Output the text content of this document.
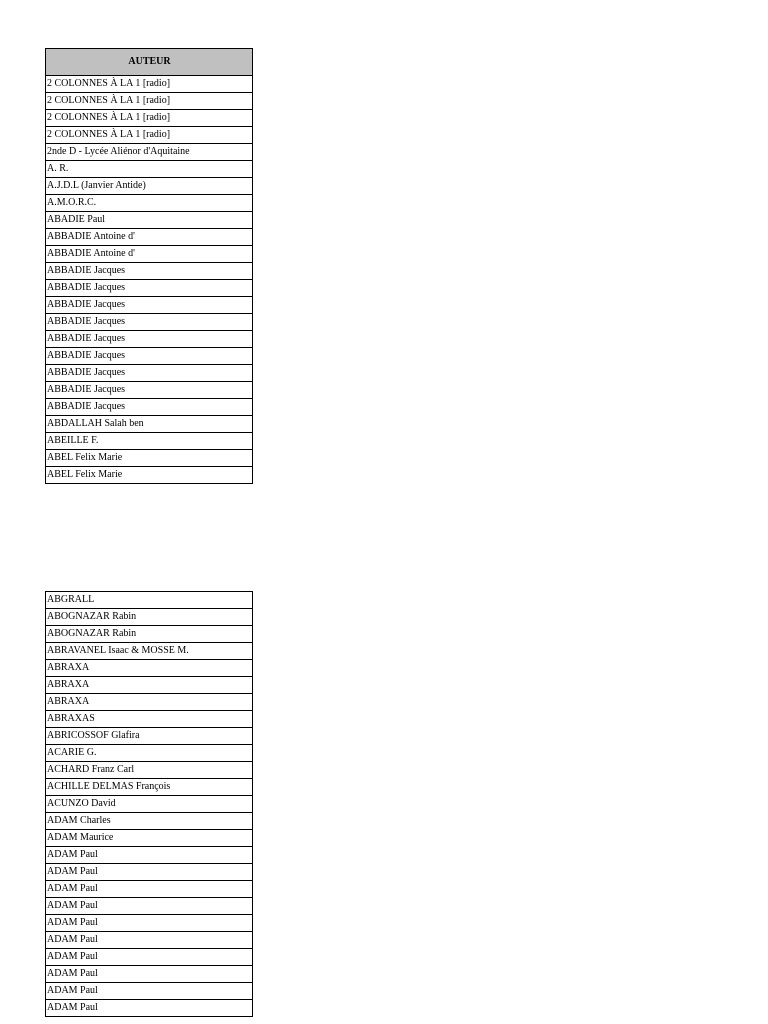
AUTEUR
2 COLONNES À LA 1 [radio]
2 COLONNES À LA 1 [radio]
2 COLONNES À LA 1 [radio]
2 COLONNES À LA 1 [radio]
2nde D - Lycée Aliénor d'Aquitaine
A. R.
A.J.D.L (Janvier Antide)
A.M.O.R.C.
ABADIE Paul
ABBADIE Antoine d'
ABBADIE Antoine d'
ABBADIE Jacques
ABBADIE Jacques
ABBADIE Jacques
ABBADIE Jacques
ABBADIE Jacques
ABBADIE Jacques
ABBADIE Jacques
ABBADIE Jacques
ABBADIE Jacques
ABDALLAH Salah ben
ABEILLE F.
ABEL Felix Marie
ABEL Felix Marie
ABGRALL
ABOGNAZAR Rabin
ABOGNAZAR Rabin
ABRAVANEL Isaac & MOSSE M.
ABRAXA
ABRAXA
ABRAXA
ABRAXAS
ABRICOSSOF Glafira
ACARIE G.
ACHARD Franz Carl
ACHILLE DELMAS François
ACUNZO David
ADAM Charles
ADAM Maurice
ADAM Paul
ADAM Paul
ADAM Paul
ADAM Paul
ADAM Paul
ADAM Paul
ADAM Paul
ADAM Paul
ADAM Paul
ADAM Paul
